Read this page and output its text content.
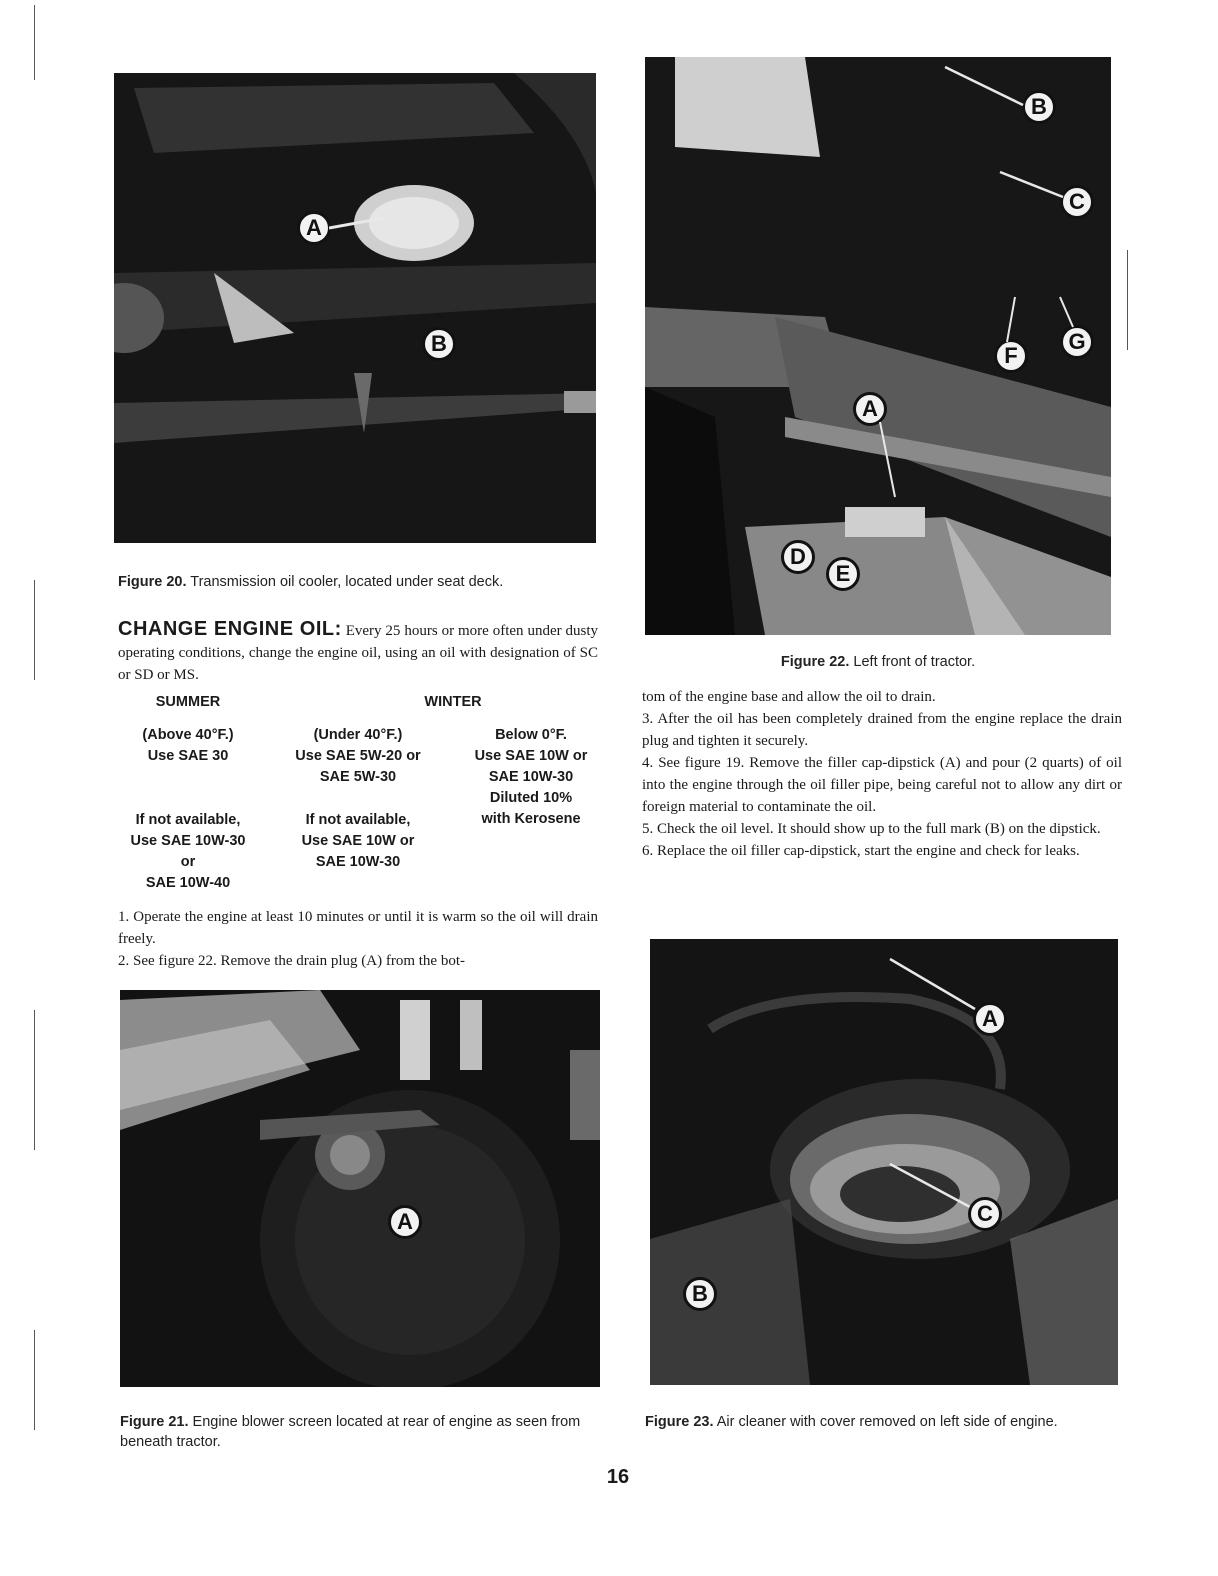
A
B
Figure 20. Transmission oil cooler, located under seat deck.
CHANGE ENGINE OIL: Every 25 hours or more often under dusty operating conditions, change the engine oil, using an oil with designation of SC or SD or MS.
SUMMER	WINTER
(Above 40°F.)
Use SAE 30
(Under 40°F.)
Use SAE 5W-20 or
SAE 5W-30
Below 0°F.
Use SAE 10W or
SAE 10W-30
Diluted 10%
with Kerosene
If not available,
Use SAE 10W-30
or
SAE 10W-40
If not available,
Use SAE 10W or
SAE 10W-30

1. Operate the engine at least 10 minutes or until it is warm so the oil will drain freely.

2. See figure 22. Remove the drain plug (A) from the bot-

A
Figure 21. Engine blower screen located at rear of engine as seen from beneath tractor.
B
C
F
G
A
D
E
Figure 22. Left front of tractor.

tom of the engine base and allow the oil to drain.

3. After the oil has been completely drained from the engine replace the drain plug and tighten it securely.

4. See figure 19. Remove the filler cap-dipstick (A) and pour (2 quarts) of oil into the engine through the oil filler pipe, being careful not to allow any dirt or foreign material to contaminate the oil.

5. Check the oil level. It should show up to the full mark (B) on the dipstick.

6. Replace the oil filler cap-dipstick, start the engine and check for leaks.

A
C
B
Figure 23. Air cleaner with cover removed on left side of engine.
16
